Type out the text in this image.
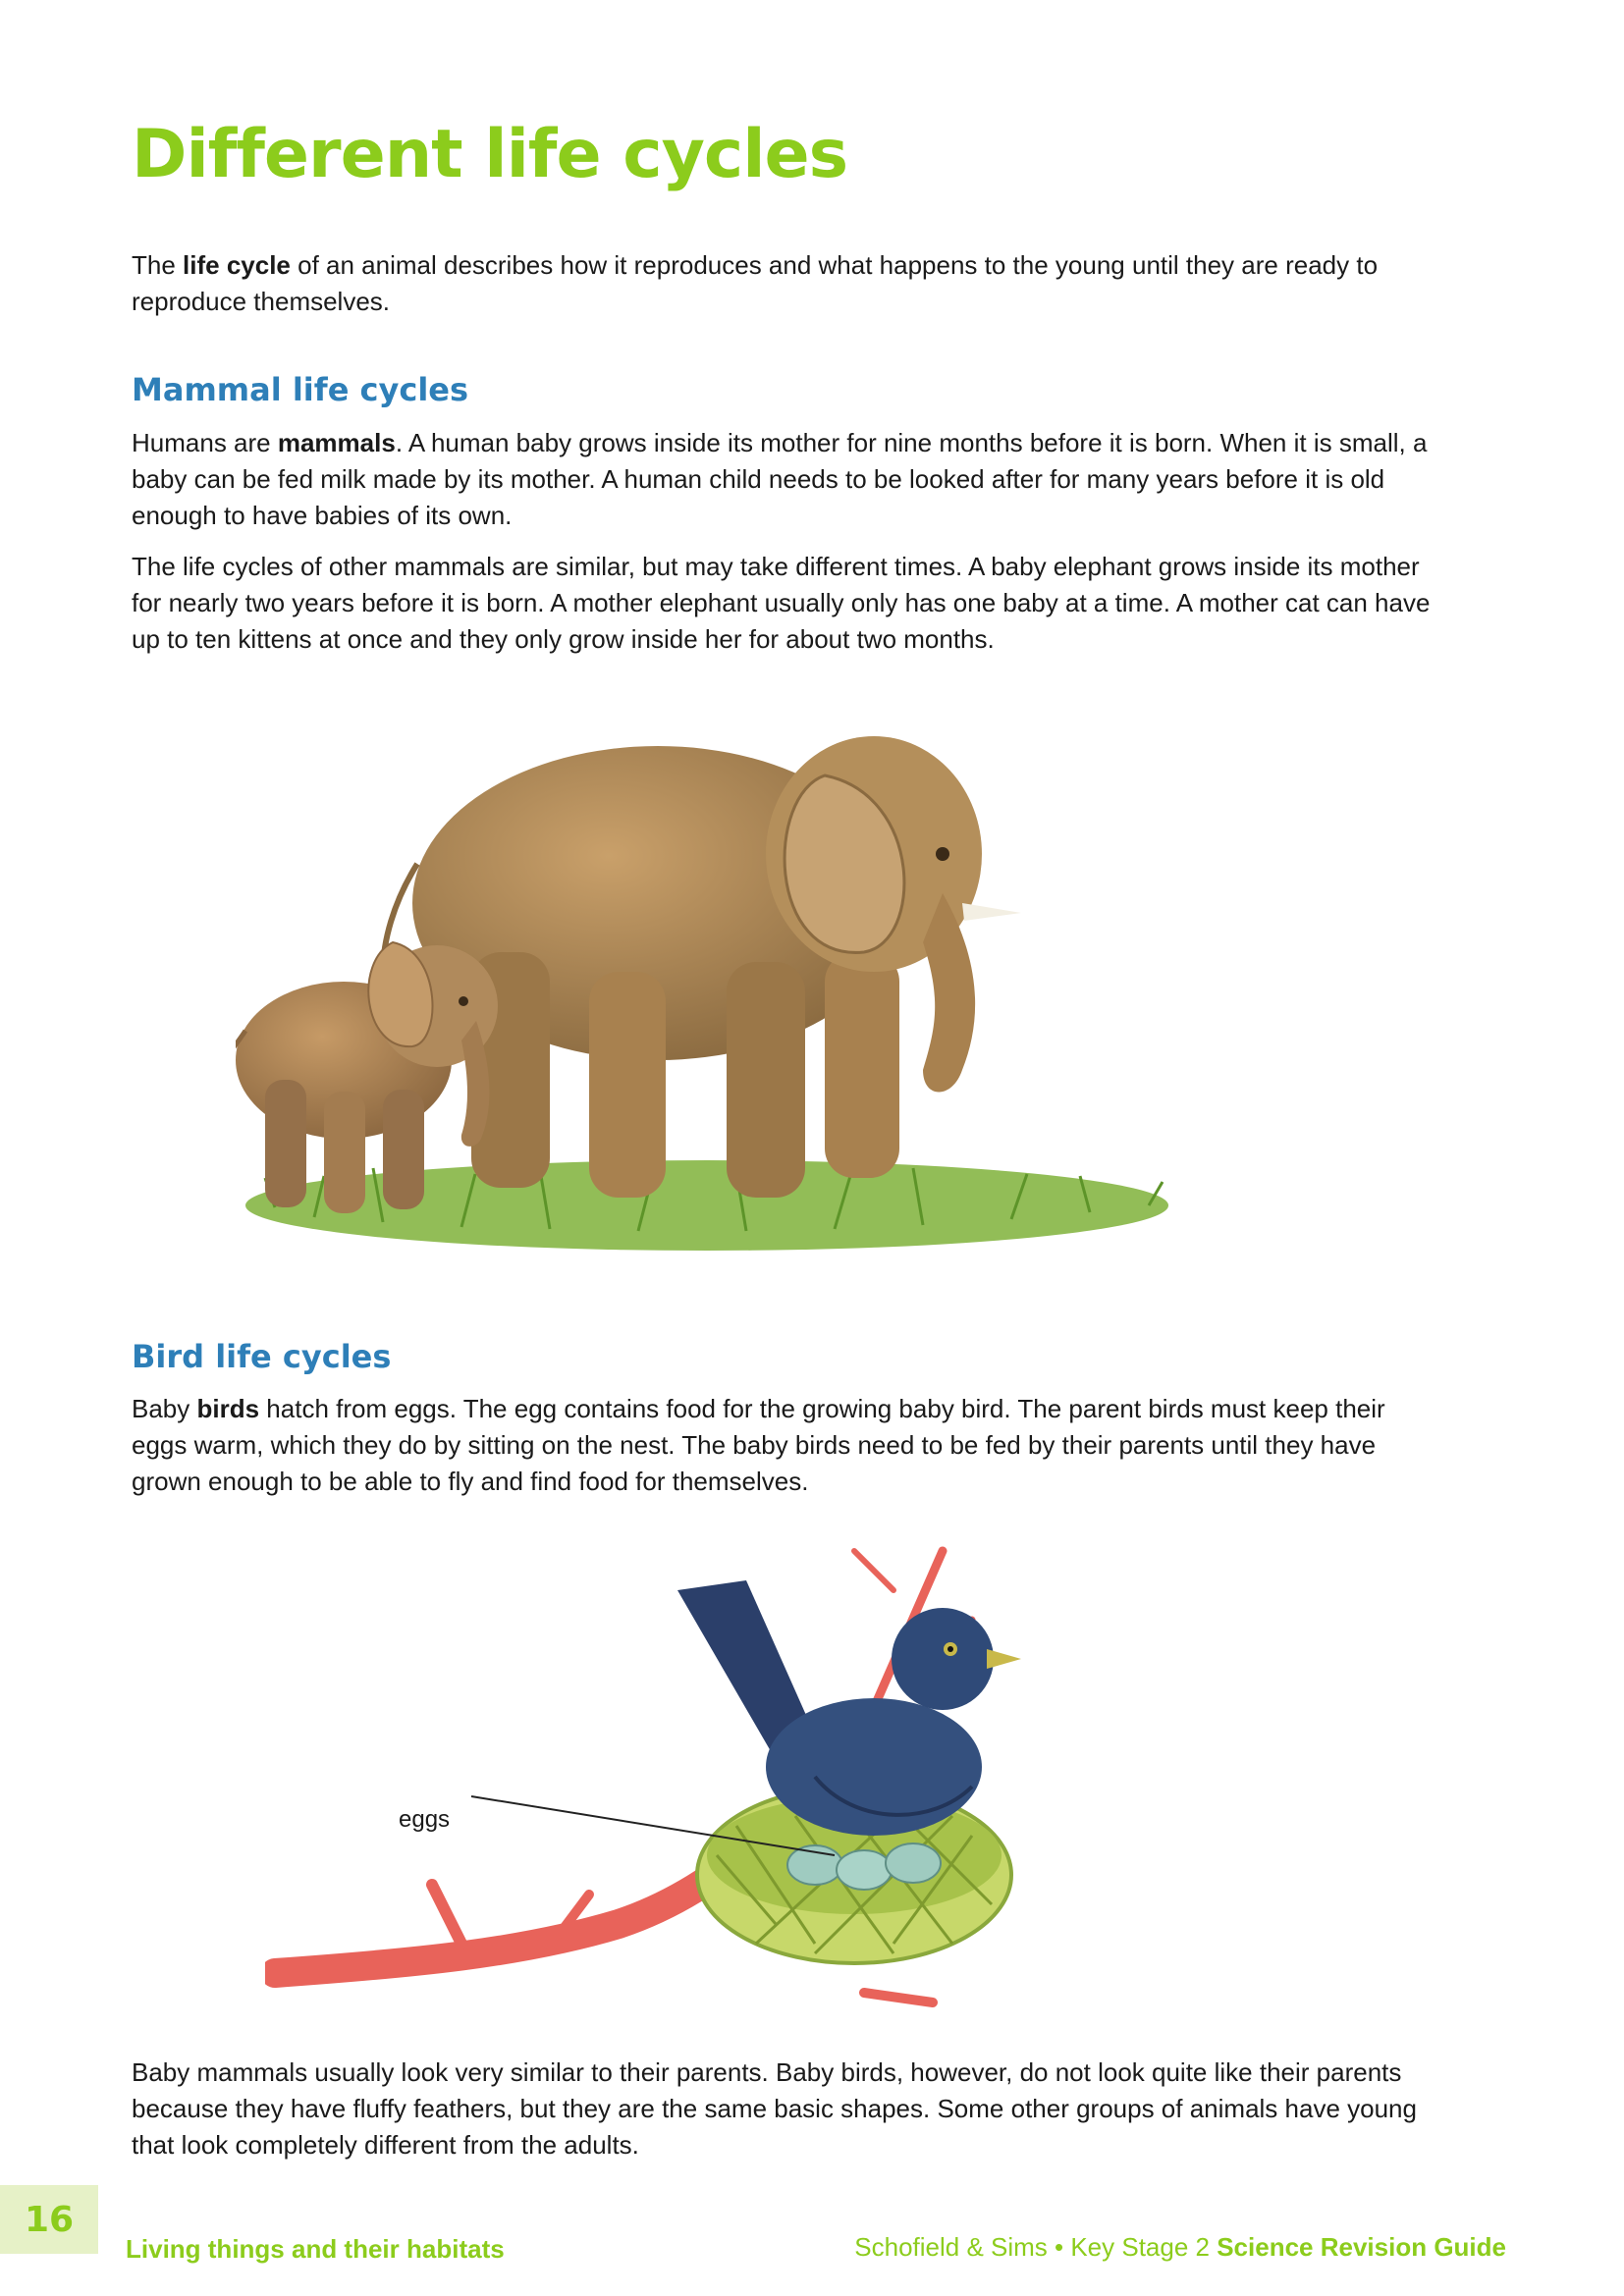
Different life cycles

The life cycle of an animal describes how it reproduces and what happens to the young until they are ready to reproduce themselves.

Mammal life cycles

Humans are mammals. A human baby grows inside its mother for nine months before it is born. When it is small, a baby can be fed milk made by its mother. A human child needs to be looked after for many years before it is old enough to have babies of its own.

The life cycles of other mammals are similar, but may take different times. A baby elephant grows inside its mother for nearly two years before it is born. A mother elephant usually only has one baby at a time. A mother cat can have up to ten kittens at once and they only grow inside her for about two months.

Bird life cycles

Baby birds hatch from eggs. The egg contains food for the growing baby bird. The parent birds must keep their eggs warm, which they do by sitting on the nest. The baby birds need to be fed by their parents until they have grown enough to be able to fly and find food for themselves.

eggs

Baby mammals usually look very similar to their parents. Baby birds, however, do not look quite like their parents because they have fluffy feathers, but they are the same basic shapes. Some other groups of animals have young that look completely different from the adults.

16
Living things and their habitats	Schofield & Sims • Key Stage 2 Science Revision Guide
